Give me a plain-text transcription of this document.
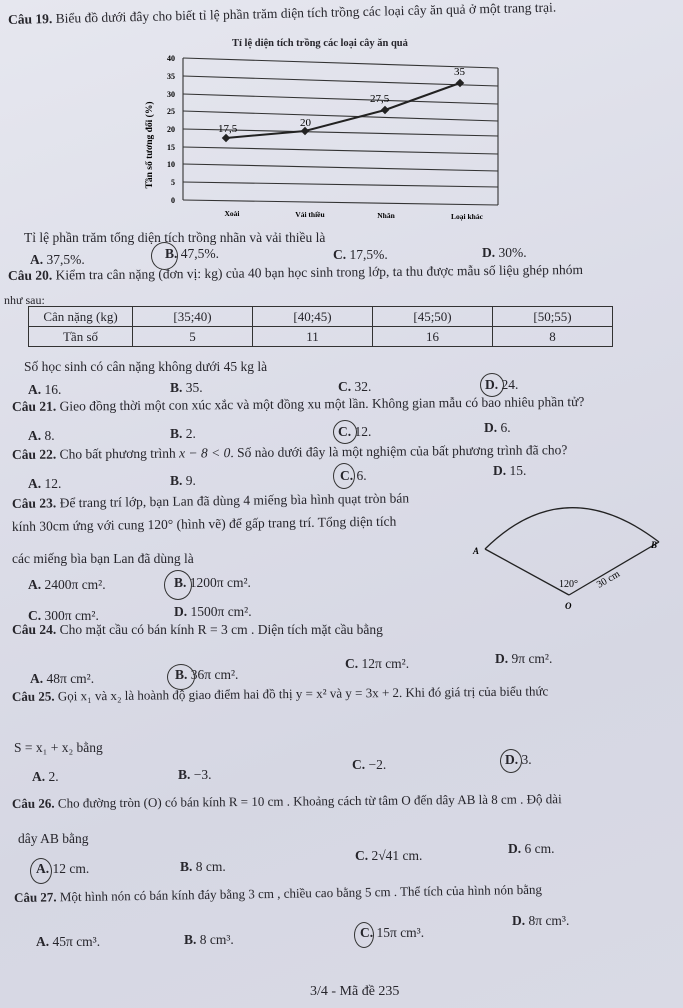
Câu 19. Biểu đồ dưới đây cho biết tỉ lệ phần trăm diện tích trồng các loại cây ăn quả ở một trang trại.
Tỉ lệ diện tích trồng các loại cây ăn quả
Tần số tương đối (%)
40
35
30
25
20
15
10
5
0
17,5	20
27,5
35
Xoài	Vải thiều	Nhãn	Loại khác
Tỉ lệ phần trăm tổng diện tích trồng nhãn và vải thiều là
A. 37,5%.	B. 47,5%.	C. 17,5%.	D. 30%.
Câu 20. Kiểm tra cân nặng (đơn vị: kg) của 40 bạn học sinh trong lớp, ta thu được mẫu số liệu ghép nhóm
như sau:
Cân nặng (kg)	[35;40)	[40;45)	[45;50)	[50;55)
Tần số	5	11	16	8
Số học sinh có cân nặng không dưới 45 kg là
A. 16.	B. 35.	C. 32.	D. 24.
Câu 21. Gieo đồng thời một con xúc xắc và một đồng xu một lần. Không gian mẫu có bao nhiêu phần tử?
A. 8.	B. 2.	C. 12.	D. 6.
Câu 22. Cho bất phương trình x − 8 < 0. Số nào dưới đây là một nghiệm của bất phương trình đã cho?
A. 12.	B. 9.	C. 6.	D. 15.
Câu 23. Để trang trí lớp, bạn Lan đã dùng 4 miếng bìa hình quạt tròn bán
kính 30cm ứng với cung 120° (hình vẽ) để gấp trang trí. Tổng diện tích
các miếng bìa bạn Lan đã dùng là
A. 2400π cm².	B. 1200π cm².
C. 300π cm².	D. 1500π cm².
A
B
O
120° 30 cm
Câu 24. Cho mặt cầu có bán kính R = 3 cm . Diện tích mặt cầu bằng
A. 48π cm².	B. 36π cm².
C. 12π cm².	D. 9π cm².
Câu 25. Gọi x₁ và x₂ là hoành độ giao điểm hai đồ thị y = x² và y = 3x + 2. Khi đó giá trị của biểu thức
S = x₁ + x₂ bằng
A. 2.	B. −3.
C. −2.	D. 3.
Câu 26. Cho đường tròn (O) có bán kính R = 10 cm . Khoảng cách từ tâm O đến dây AB là 8 cm . Độ dài
dây AB bằng
A. 12 cm.	B. 8 cm.
C. 2√41 cm.	D. 6 cm.
Câu 27. Một hình nón có bán kính đáy bằng 3 cm , chiều cao bằng 5 cm . Thể tích của hình nón bằng
A. 45π cm³.	B. 8 cm³.	C. 15π cm³.
D. 8π cm³.
3/4 - Mã đề 235
